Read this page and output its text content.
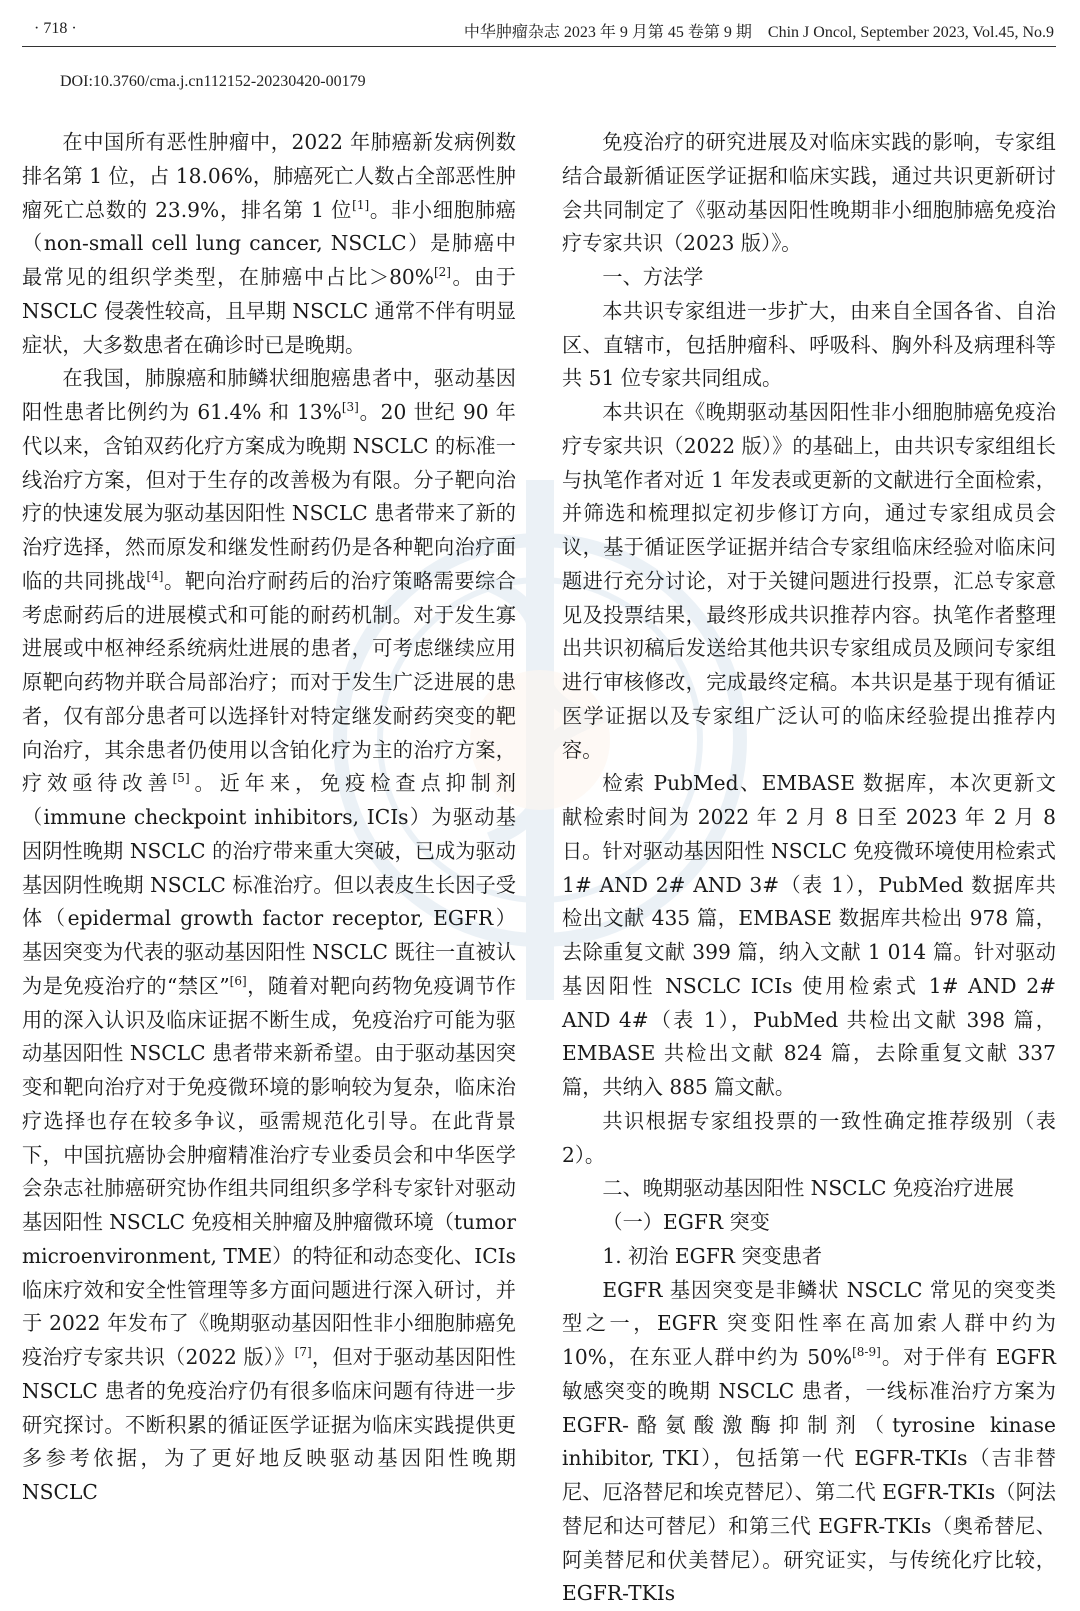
· 718 ·	中华肿瘤杂志 2023 年 9 月第 45 卷第 9 期　Chin J Oncol, September 2023, Vol.45, No.9
DOI:10.3760/cma.j.cn112152-20230420-00179

在中国所有恶性肿瘤中，2022 年肺癌新发病例数排名第 1 位，占 18.06%，肺癌死亡人数占全部恶性肿瘤死亡总数的 23.9%，排名第 1 位[1]。非小细胞肺癌（non-small cell lung cancer, NSCLC）是肺癌中最常见的组织学类型，在肺癌中占比＞80%[2]。由于 NSCLC 侵袭性较高，且早期 NSCLC 通常不伴有明显症状，大多数患者在确诊时已是晚期。

在我国，肺腺癌和肺鳞状细胞癌患者中，驱动基因阳性患者比例约为 61.4% 和 13%[3]。20 世纪 90 年代以来，含铂双药化疗方案成为晚期 NSCLC 的标准一线治疗方案，但对于生存的改善极为有限。分子靶向治疗的快速发展为驱动基因阳性 NSCLC 患者带来了新的治疗选择，然而原发和继发性耐药仍是各种靶向治疗面临的共同挑战[4]。靶向治疗耐药后的治疗策略需要综合考虑耐药后的进展模式和可能的耐药机制。对于发生寡进展或中枢神经系统病灶进展的患者，可考虑继续应用原靶向药物并联合局部治疗；而对于发生广泛进展的患者，仅有部分患者可以选择针对特定继发耐药突变的靶向治疗，其余患者仍使用以含铂化疗为主的治疗方案，疗效亟待改善[5]。近年来，免疫检查点抑制剂（immune checkpoint inhibitors, ICIs）为驱动基因阴性晚期 NSCLC 的治疗带来重大突破，已成为驱动基因阴性晚期 NSCLC 标准治疗。但以表皮生长因子受体（epidermal growth factor receptor, EGFR）基因突变为代表的驱动基因阳性 NSCLC 既往一直被认为是免疫治疗的“禁区”[6]，随着对靶向药物免疫调节作用的深入认识及临床证据不断生成，免疫治疗可能为驱动基因阳性 NSCLC 患者带来新希望。由于驱动基因突变和靶向治疗对于免疫微环境的影响较为复杂，临床治疗选择也存在较多争议，亟需规范化引导。在此背景下，中国抗癌协会肿瘤精准治疗专业委员会和中华医学会杂志社肺癌研究协作组共同组织多学科专家针对驱动基因阳性 NSCLC 免疫相关肿瘤及肿瘤微环境（tumor microenvironment, TME）的特征和动态变化、ICIs 临床疗效和安全性管理等多方面问题进行深入研讨，并于 2022 年发布了《晚期驱动基因阳性非小细胞肺癌免疫治疗专家共识（2022 版）》[7]，但对于驱动基因阳性 NSCLC 患者的免疫治疗仍有很多临床问题有待进一步研究探讨。不断积累的循证医学证据为临床实践提供更多参考依据，为了更好地反映驱动基因阳性晚期NSCLC

免疫治疗的研究进展及对临床实践的影响，专家组结合最新循证医学证据和临床实践，通过共识更新研讨会共同制定了《驱动基因阳性晚期非小细胞肺癌免疫治疗专家共识（2023 版）》。

一、方法学

本共识专家组进一步扩大，由来自全国各省、自治区、直辖市，包括肿瘤科、呼吸科、胸外科及病理科等共 51 位专家共同组成。

本共识在《晚期驱动基因阳性非小细胞肺癌免疫治疗专家共识（2022 版）》的基础上，由共识专家组组长与执笔作者对近 1 年发表或更新的文献进行全面检索，并筛选和梳理拟定初步修订方向，通过专家组成员会议，基于循证医学证据并结合专家组临床经验对临床问题进行充分讨论，对于关键问题进行投票，汇总专家意见及投票结果，最终形成共识推荐内容。执笔作者整理出共识初稿后发送给其他共识专家组成员及顾问专家组进行审核修改，完成最终定稿。本共识是基于现有循证医学证据以及专家组广泛认可的临床经验提出推荐内容。

检索 PubMed、EMBASE 数据库，本次更新文献检索时间为 2022 年 2 月 8 日至 2023 年 2 月 8 日。针对驱动基因阳性 NSCLC 免疫微环境使用检索式 1# AND 2# AND 3#（表 1），PubMed 数据库共检出文献 435 篇，EMBASE 数据库共检出 978 篇，去除重复文献 399 篇，纳入文献 1 014 篇。针对驱动基因阳性 NSCLC ICIs 使用检索式 1# AND 2# AND 4#（表 1），PubMed 共检出文献 398 篇，EMBASE 共检出文献 824 篇，去除重复文献 337 篇，共纳入 885 篇文献。

共识根据专家组投票的一致性确定推荐级别（表 2）。

二、晚期驱动基因阳性 NSCLC 免疫治疗进展

（一）EGFR 突变

1. 初治 EGFR 突变患者

EGFR 基因突变是非鳞状 NSCLC 常见的突变类型之一，EGFR 突变阳性率在高加索人群中约为 10%，在东亚人群中约为 50%[8-9]。对于伴有 EGFR 敏感突变的晚期 NSCLC 患者，一线标准治疗方案为 EGFR-酪氨酸激酶抑制剂（tyrosine kinase inhibitor, TKI），包括第一代 EGFR-TKIs（吉非替尼、厄洛替尼和埃克替尼）、第二代 EGFR-TKIs（阿法替尼和达可替尼）和第三代 EGFR-TKIs（奥希替尼、阿美替尼和伏美替尼）。研究证实，与传统化疗比较，EGFR-TKIs
